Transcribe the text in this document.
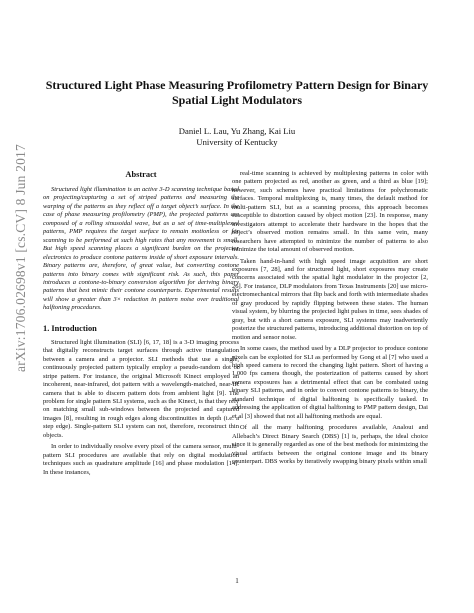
arXiv:1706.02698v1 [cs.CV] 8 Jun 2017
Structured Light Phase Measuring Profilometry Pattern Design for Binary Spatial Light Modulators
Daniel L. Lau, Yu Zhang, Kai Liu
University of Kentucky
Abstract

Structured light illumination is an active 3-D scanning technique based on projecting/capturing a set of striped patterns and measuring the warping of the patterns as they reflect off a target object’s surface. In the case of phase measuring profilometry (PMP), the projected patterns are composed of a rolling sinusoidal wave, but as a set of time-multiplexed patterns, PMP requires the target surface to remain motionless or for scanning to be performed at such high rates that any movement is small. But high speed scanning places a significant burden on the projector electronics to produce contone patterns inside of short exposure intervals. Binary patterns are, therefore, of great value, but converting contone patterns into binary comes with significant risk. As such, this paper introduces a contone-to-binary conversion algorithm for deriving binary patterns that best mimic their contone counterparts. Experimental results will show a greater than 3× reduction in pattern noise over traditional halftoning procedures.

1. Introduction

Structured light illumination (SLI) [6, 17, 18] is a 3-D imaging process that digitally reconstructs target surfaces through active triangulation between a camera and a projector. SLI methods that use a single, continuously projected pattern typically employ a pseudo-random dot or stripe pattern. For instance, the original Microsoft Kinect employed an incoherent, near-infrared, dot pattern with a wavelength-matched, near-IR camera that is able to discern pattern dots from ambient light [9]. The problem for single pattern SLI systems, such as the Kinect, is that they rely on matching small sub-windows between the projected and captured images [8], resulting in rough edges along discontinuities in depth (i.e. a step edge). Single-pattern SLI system can not, therefore, reconstruct thin objects.

In order to individually resolve every pixel of the camera sensor, multi-pattern SLI procedures are available that rely on digital modulation techniques such as quadrature amplitude [16] and phase modulation [14]. In these instances,

real-time scanning is achieved by multiplexing patterns in color with one pattern projected as red, another as green, and a third as blue [19]; however, such schemes have practical limitations for polychromatic surfaces. Temporal multiplexing is, many times, the default method for multi-pattern SLI, but as a scanning process, this approach becomes susceptible to distortion caused by object motion [23]. In response, many investigators attempt to accelerate their hardware in the hopes that the object’s observed motion remains small. In this same vein, many researchers have attempted to minimize the number of patterns to also minimize the total amount of observed motion.

Taken hand-in-hand with high speed image acquisition are short exposures [7, 28], and for structured light, short exposures may create concerns associated with the spatial light modulator in the projector [2, 26]. For instance, DLP modulators from Texas Instruments [20] use micro-electromechanical mirrors that flip back and forth with intermediate shades of gray produced by rapidly flipping between these states. The human visual system, by blurring the projected light pulses in time, sees shades of gray, but with a short camera exposure, SLI systems may inadvertently posterize the structured patterns, introducing additional distortion on top of motion and sensor noise.

In some cases, the method used by a DLP projector to produce contone pixels can be exploited for SLI as performed by Gong et al [7] who used a high speed camera to record the changing light pattern. Short of having a 1,000 fps camera though, the posterization of patterns caused by short camera exposures has a detrimental effect that can be combated using binary SLI patterns, and in order to convert contone patterns to binary, the standard technique of digital halftoning is specifically tasked. In addressing the application of digital halftoning to PMP pattern design, Dai et al [3] showed that not all halftoning methods are equal.

Of all the many halftoning procedures available, Analoui and Allebach’s Direct Binary Search (DBS) [1] is, perhaps, the ideal choice since it is generally regarded as one of the best methods for minimizing the visual artifacts between the original contone image and its binary counterpart. DBS works by iteratively swapping binary pixels within small

1
